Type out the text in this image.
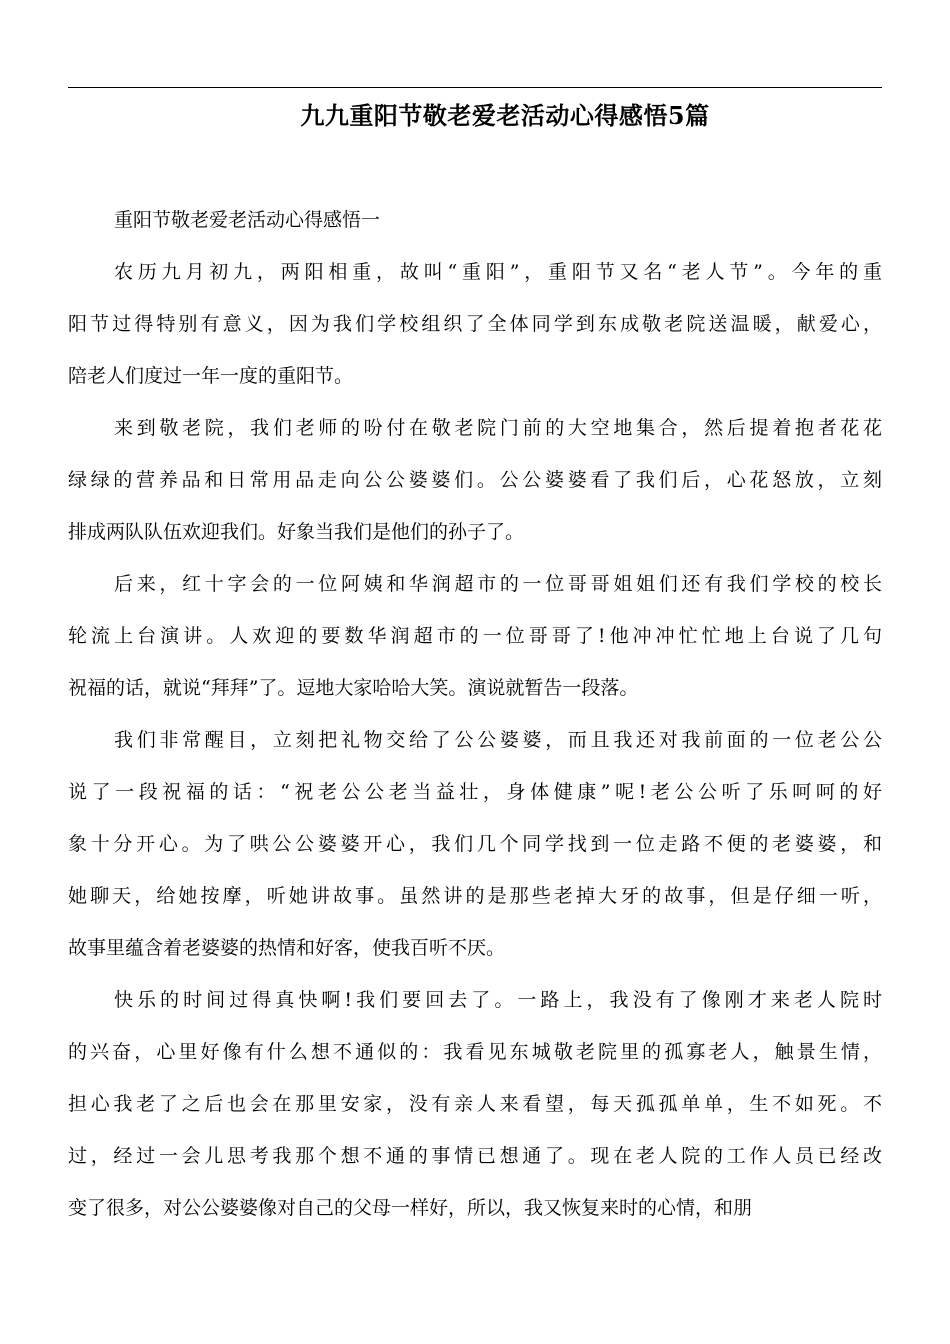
九九重阳节敬老爱老活动心得感悟5篇

重阳节敬老爱老活动心得感悟一

农历九月初九，两阳相重，故叫“重阳”，重阳节又名“老人节”。今年的重
阳节过得特别有意义，因为我们学校组织了全体同学到东成敬老院送温暖，献爱心，
陪老人们度过一年一度的重阳节。
来到敬老院，我们老师的吩付在敬老院门前的大空地集合，然后提着抱者花花
绿绿的营养品和日常用品走向公公婆婆们。公公婆婆看了我们后，心花怒放，立刻
排成两队队伍欢迎我们。好象当我们是他们的孙子了。
后来，红十字会的一位阿姨和华润超市的一位哥哥姐姐们还有我们学校的校长
轮流上台演讲。人欢迎的要数华润超市的一位哥哥了!他冲冲忙忙地上台说了几句
祝福的话，就说“拜拜”了。逗地大家哈哈大笑。演说就暂告一段落。
我们非常醒目，立刻把礼物交给了公公婆婆，而且我还对我前面的一位老公公
说了一段祝福的话：“祝老公公老当益壮，身体健康”呢!老公公听了乐呵呵的好
象十分开心。为了哄公公婆婆开心，我们几个同学找到一位走路不便的老婆婆，和
她聊天，给她按摩，听她讲故事。虽然讲的是那些老掉大牙的故事，但是仔细一听，
故事里蕴含着老婆婆的热情和好客，使我百听不厌。
快乐的时间过得真快啊!我们要回去了。一路上，我没有了像刚才来老人院时
的兴奋，心里好像有什么想不通似的：我看见东城敬老院里的孤寡老人，触景生情，
担心我老了之后也会在那里安家，没有亲人来看望，每天孤孤单单，生不如死。不
过，经过一会儿思考我那个想不通的事情已想通了。现在老人院的工作人员已经改
变了很多，对公公婆婆像对自己的父母一样好，所以，我又恢复来时的心情，和朋
